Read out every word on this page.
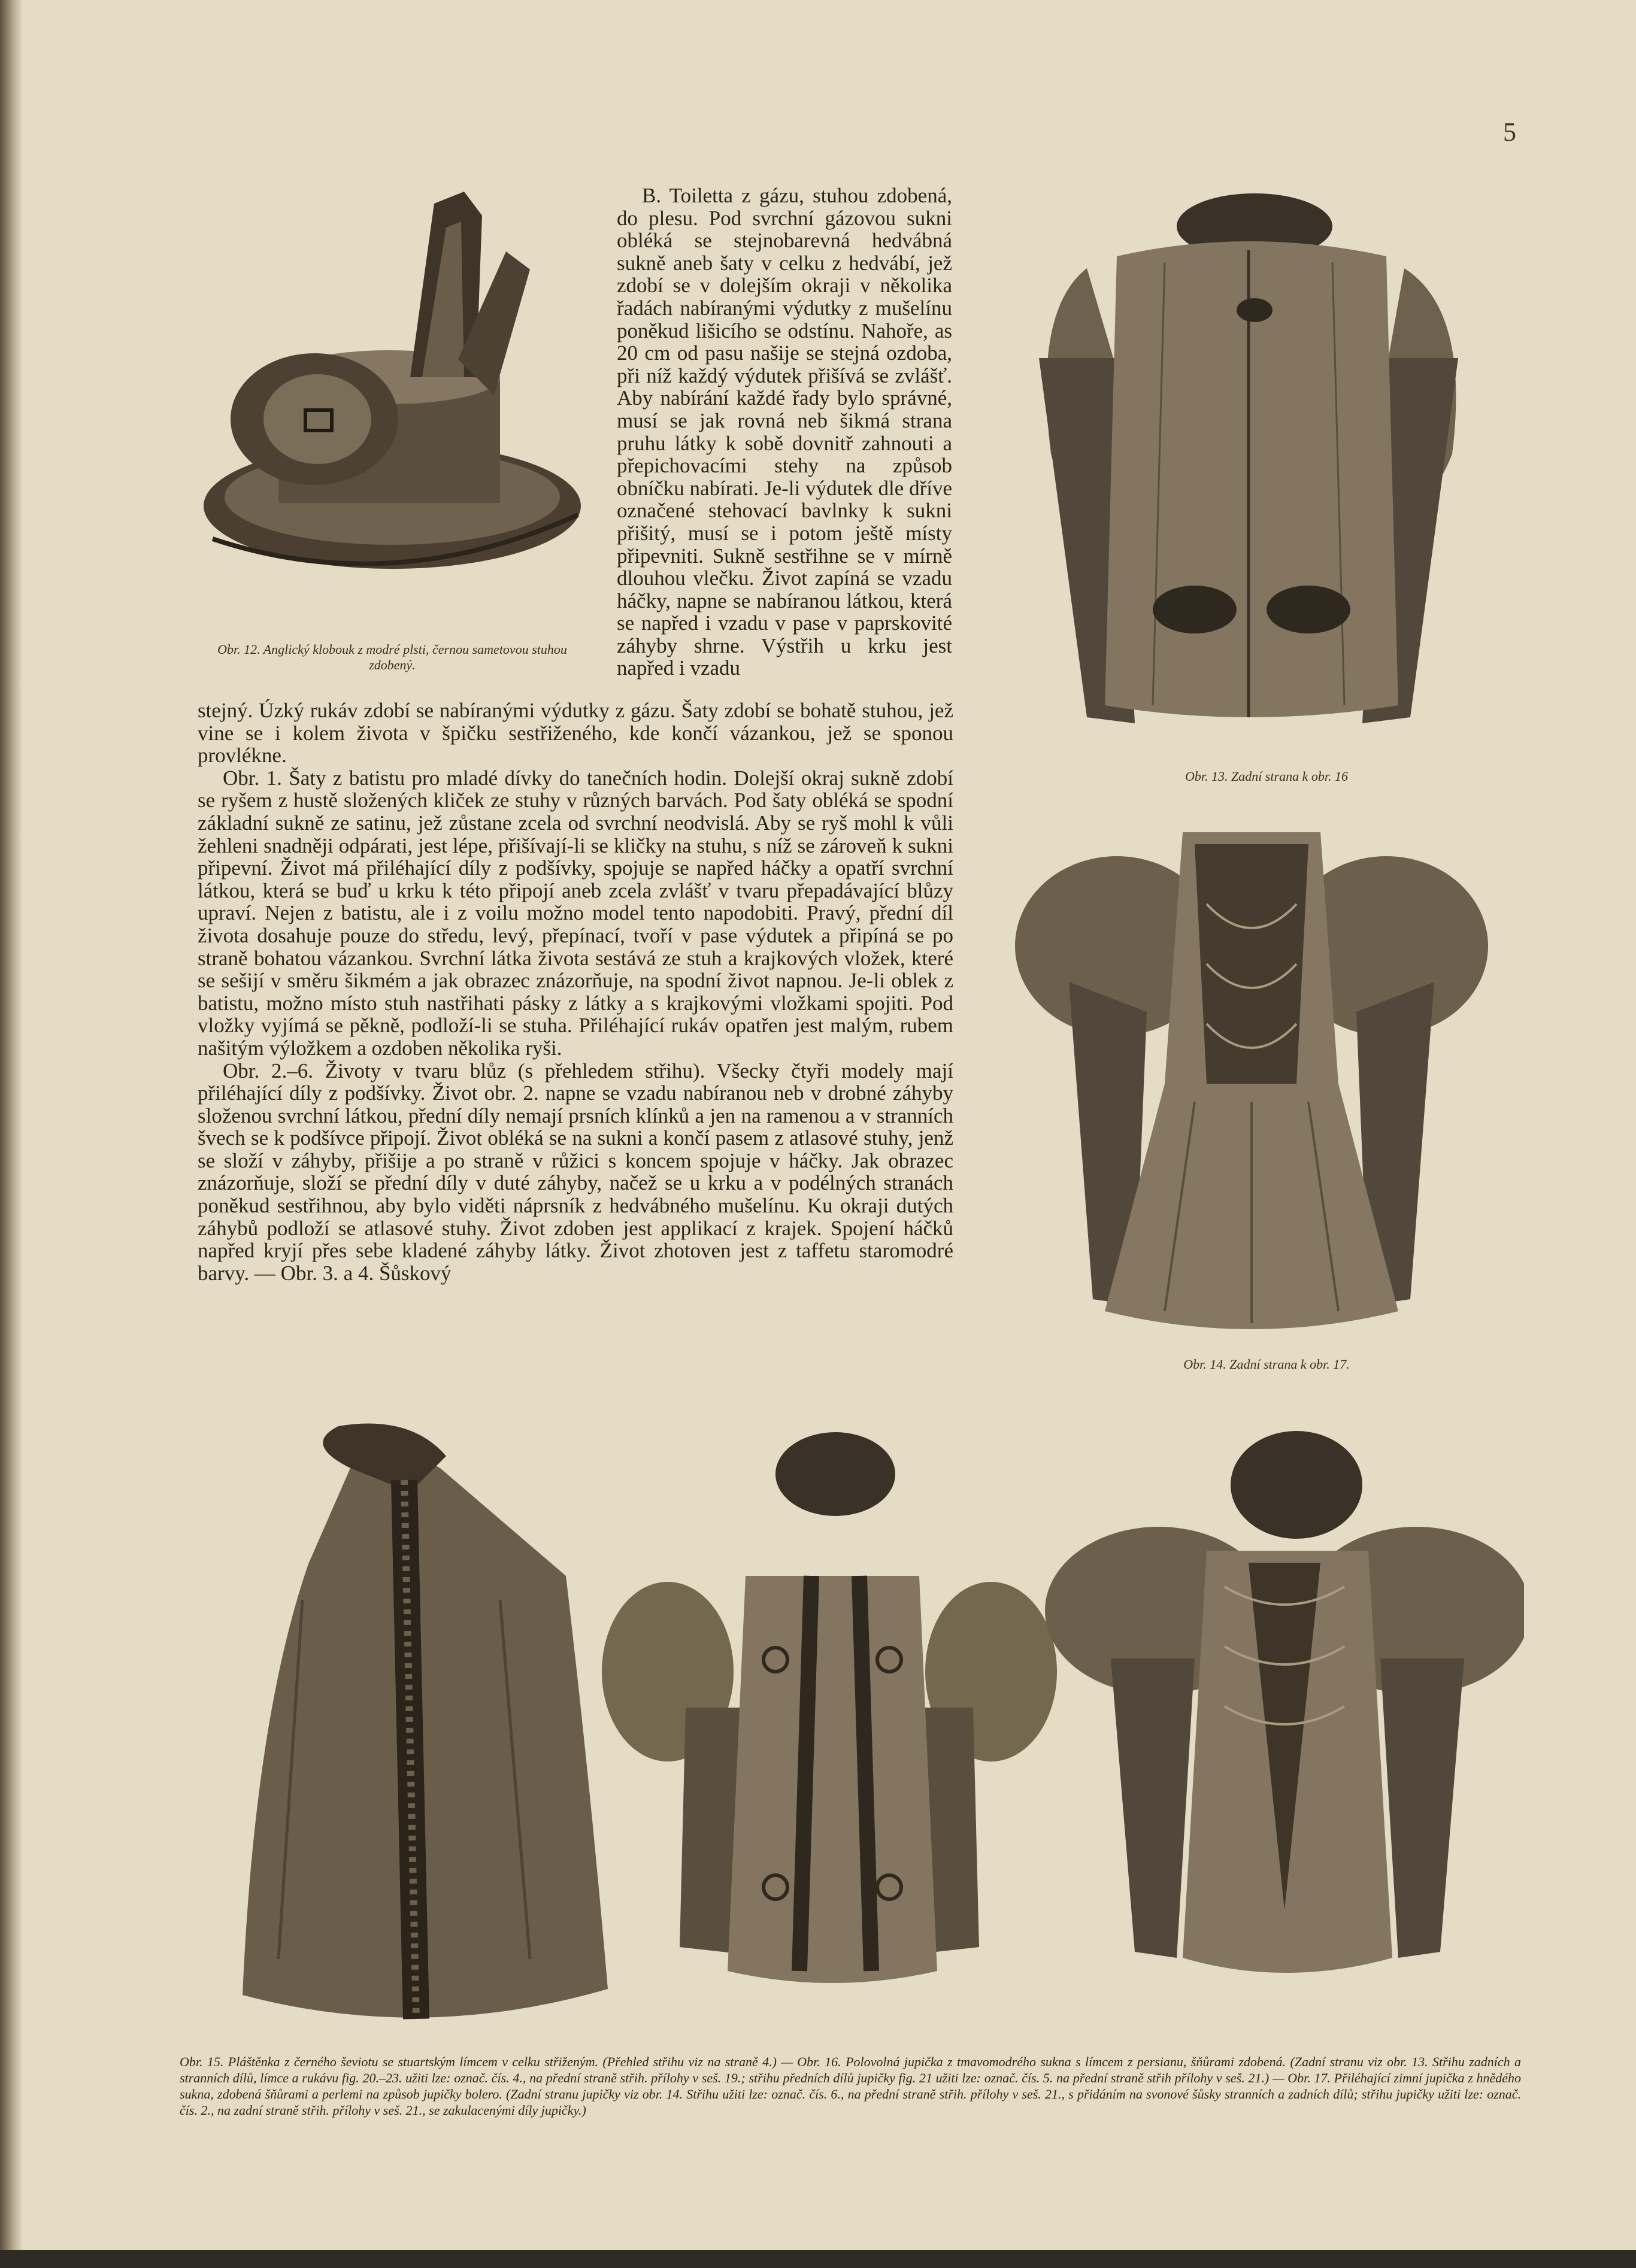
5

Obr. 12. Anglický klobouk z modré plsti, černou sametovou stuhou zdobený.

B. Toiletta z gázu, stuhou zdobená, do plesu. Pod svrchní gázovou sukni obléká se stejnobarevná hedvábná sukně aneb šaty v celku z hedvábí, jež zdobí se v dolejším okraji v několika řadách nabíranými výdutky z mušelínu poněkud lišicího se odstínu. Nahoře, as 20 cm od pasu našije se stejná ozdoba, při níž každý výdutek přišívá se zvlášť. Aby nabírání každé řady bylo správné, musí se jak rovná neb šikmá strana pruhu látky k sobě dovnitř zahnouti a přepichovacími stehy na způsob obníčku nabírati. Je-li výdutek dle dříve označené stehovací bavlnky k sukni přišitý, musí se i potom ještě místy připevniti. Sukně sestřihne se v mírně dlouhou vlečku. Život zapíná se vzadu háčky, napne se nabíranou látkou, která se napřed i vzadu v pase v paprskovité záhyby shrne. Výstřih u krku jest napřed i vzadu

stejný. Úzký rukáv zdobí se nabíranými výdutky z gázu. Šaty zdobí se bohatě stuhou, jež vine se i kolem života v špičku sestřiženého, kde končí vázankou, jež se sponou provlékne.

Obr. 1. Šaty z batistu pro mladé dívky do tanečních hodin. Dolejší okraj sukně zdobí se ryšem z hustě složených kliček ze stuhy v různých barvách. Pod šaty obléká se spodní základní sukně ze satinu, jež zůstane zcela od svrchní neodvislá. Aby se ryš mohl k vůli žehleni snadněji odpárati, jest lépe, přišívají-li se kličky na stuhu, s níž se zároveň k sukni připevní. Život má přiléhající díly z podšívky, spojuje se napřed háčky a opatří svrchní látkou, která se buď u krku k této připojí aneb zcela zvlášť v tvaru přepadávající blůzy upraví. Nejen z batistu, ale i z voilu možno model tento napodobiti. Pravý, přední díl života dosahuje pouze do středu, levý, přepínací, tvoří v pase výdutek a připíná se po straně bohatou vázankou. Svrchní látka života sestává ze stuh a krajkových vložek, které se sešijí v směru šikmém a jak obrazec znázorňuje, na spodní život napnou. Je-li oblek z batistu, možno místo stuh nastřihati pásky z látky a s krajkovými vložkami spojiti. Pod vložky vyjímá se pěkně, podloží-li se stuha. Přiléhající rukáv opatřen jest malým, rubem našitým výložkem a ozdoben několika ryši.

Obr. 2.–6. Životy v tvaru blůz (s přehledem střihu). Všecky čtyři modely mají přiléhající díly z podšívky. Život obr. 2. napne se vzadu nabíranou neb v drobné záhyby složenou svrchní látkou, přední díly nemají prsních klínků a jen na ramenou a v stranních švech se k podšívce připojí. Život obléká se na sukni a končí pasem z atlasové stuhy, jenž se složí v záhyby, přišije a po straně v růžici s koncem spojuje v háčky. Jak obrazec znázorňuje, složí se přední díly v duté záhyby, načež se u krku a v podélných stranách poněkud sestřihnou, aby bylo viděti náprsník z hedvábného mušelínu. Ku okraji dutých záhybů podloží se atlasové stuhy. Život zdoben jest applikací z krajek. Spojení háčků napřed kryjí přes sebe kladené záhyby látky. Život zhotoven jest z taffetu staromodré barvy. — Obr. 3. a 4. Šůskový

Obr. 13. Zadní strana k obr. 16

Obr. 14. Zadní strana k obr. 17.

Obr. 15. Pláštěnka z černého ševiotu se stuartským límcem v celku střiženým. (Přehled střihu viz na straně 4.) — Obr. 16. Polovolná jupička z tmavomodrého sukna s límcem z persianu, šňůrami zdobená. (Zadní stranu viz obr. 13. Střihu zadních a stranních dílů, límce a rukávu fig. 20.–23. užiti lze: označ. čís. 4., na přední straně střih. přílohy v seš. 19.; střihu předních dílů jupičky fig. 21 užiti lze: označ. čís. 5. na přední straně střih přílohy v seš. 21.) — Obr. 17. Přiléhající zimní jupička z hnědého sukna, zdobená šňůrami a perlemi na způsob jupičky bolero. (Zadní stranu jupičky viz obr. 14. Střihu užiti lze: označ. čís. 6., na přední straně střih. přílohy v seš. 21., s přidáním na svonové šůsky stranních a zadních dílů; střihu jupičky užiti lze: označ. čís. 2., na zadní straně střih. přílohy v seš. 21., se zakulacenými díly jupičky.)
